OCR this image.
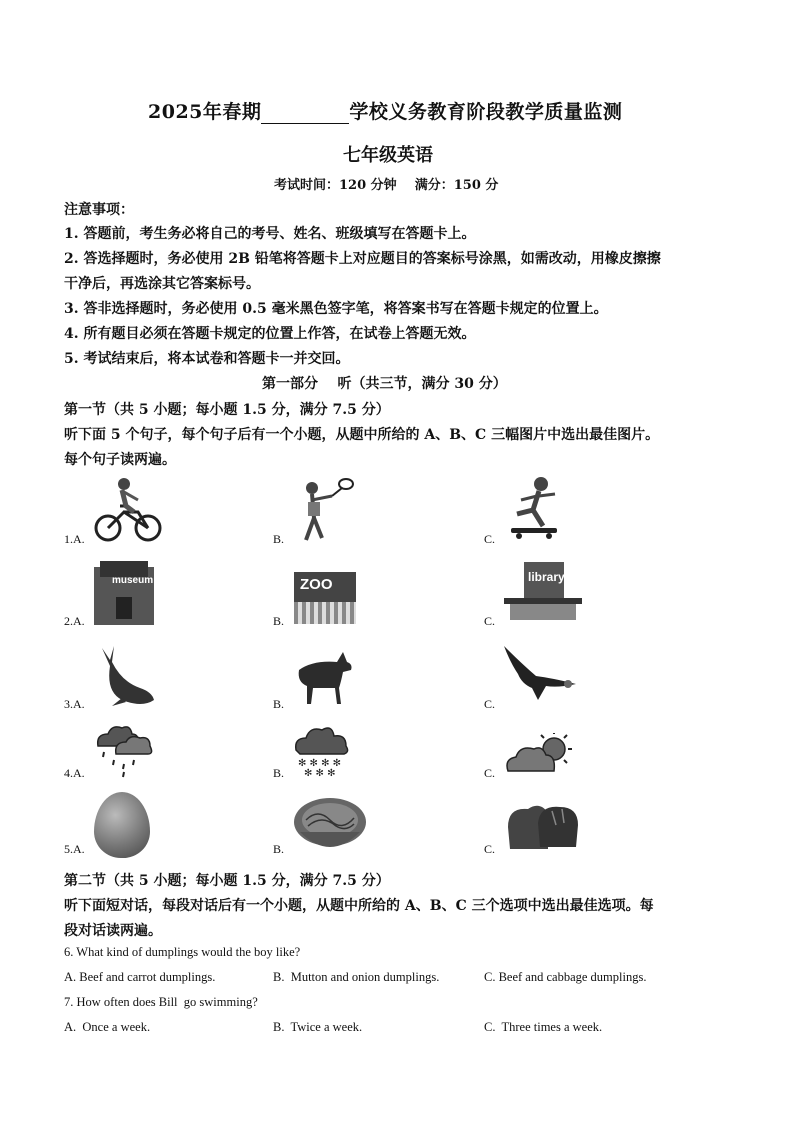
2025年春期	学校义务教育阶段教学质量监测
七年级英语
考试时间：120 分钟    满分：150 分
注意事项：
1. 答题前，考生务必将自己的考号、姓名、班级填写在答题卡上。
2. 答选择题时，务必使用 2B 铅笔将答题卡上对应题目的答案标号涂黑，如需改动，用橡皮擦擦
干净后，再选涂其它答案标号。
3. 答非选择题时，务必使用 0.5 毫米黑色签字笔，将答案书写在答题卡规定的位置上。
4. 所有题目必须在答题卡规定的位置上作答，在试卷上答题无效。
5. 考试结束后，将本试卷和答题卡一并交回。
第一部分    听（共三节，满分 30 分）
第一节（共 5 小题；每小题 1.5 分，满分 7.5 分）
听下面 5 个句子，每个句子后有一个小题，从题中所给的 A、B、C 三幅图片中选出最佳图片。
每个句子读两遍。
1.A.	B.	C.
2.A.	B.	C.
museum	ZOO	library
3.A.	B.	C.
4.A.	B.	C.
✻ ✻ ✻ ✻
✻ ✻ ✻
5.A.	B.	C.
第二节（共 5 小题；每小题 1.5 分，满分 7.5 分）
听下面短对话，每段对话后有一个小题，从题中所给的 A、B、C 三个选项中选出最佳选项。每
段对话读两遍。
6. What kind of dumplings would the boy like?
A. Beef and carrot dumplings.	B.  Mutton and onion dumplings.	C. Beef and cabbage dumplings.
7. How often does Bill  go swimming?
A.  Once a week.	B.  Twice a week.	C.  Three times a week.
